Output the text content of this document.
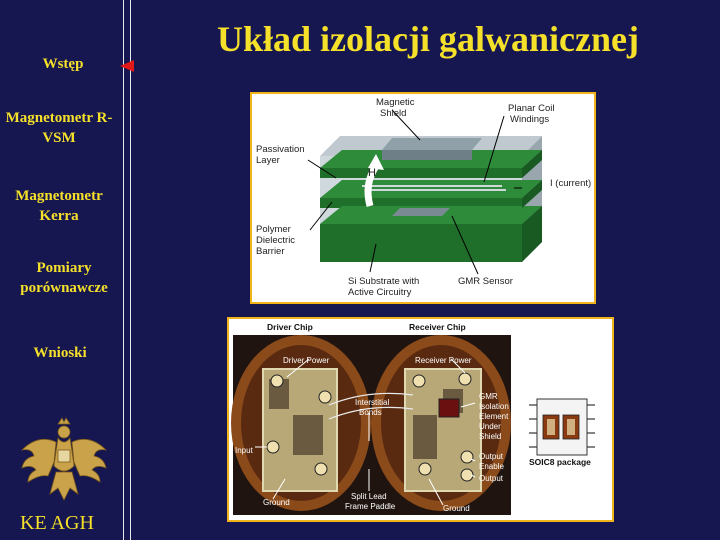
Wstęp
Magnetometr R-VSM
Magnetometr Kerra
Pomiary porównawcze
Wnioski
Układ izolacji galwanicznej
KE AGH
H
Magnetic
Shield	Planar Coil
Windings
Passivation
Layer
I (current)
Polymer
Dielectric
Barrier
Si Substrate with
Active Circuitry
GMR Sensor
Driver Power	Receiver Power
Interstitial
Bonds
Input
Ground
Split Lead
Frame Paddle	Ground
GMR
Isolation
Element
Under
Shield
Output
Enable
Output
Driver Chip	Receiver Chip
SOIC8 package
